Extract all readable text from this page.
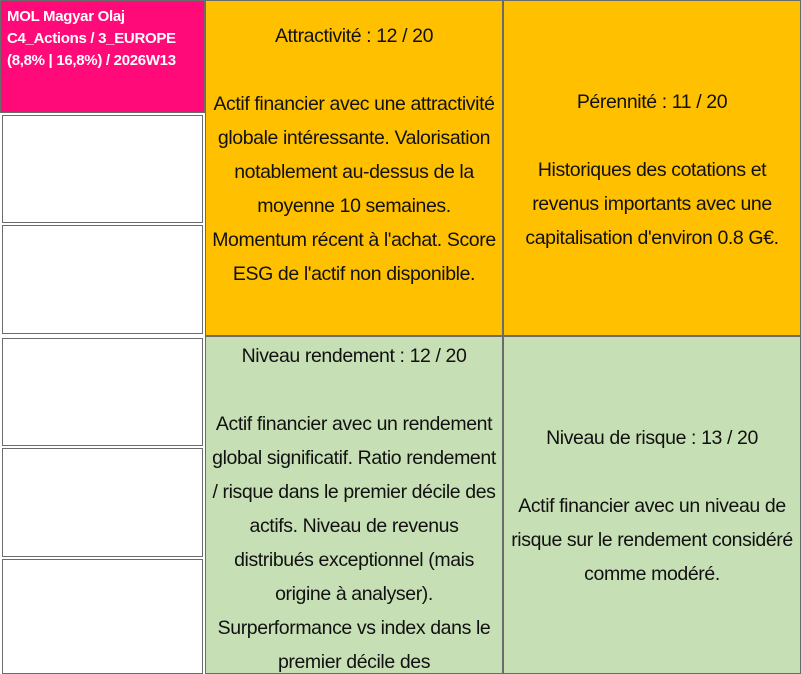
MOL Magyar Olaj
C4_Actions / 3_EUROPE
(8,8% | 16,8%) / 2026W13
Attractivité : 12 / 20
Actif financier avec une attractivité globale intéressante. Valorisation notablement au-dessus de la moyenne 10 semaines. Momentum récent à l'achat. Score ESG de l'actif non disponible.
Pérennité : 11 / 20
Historiques des cotations et revenus importants avec une capitalisation d'environ 0.8 G€.
Niveau rendement : 12 / 20
Actif financier avec un rendement global significatif. Ratio rendement / risque dans le premier décile des actifs. Niveau de revenus distribués exceptionnel (mais origine à analyser). Surperformance vs index dans le premier décile des
Niveau de risque : 13 / 20
Actif financier avec un niveau de risque sur le rendement considéré comme modéré.
